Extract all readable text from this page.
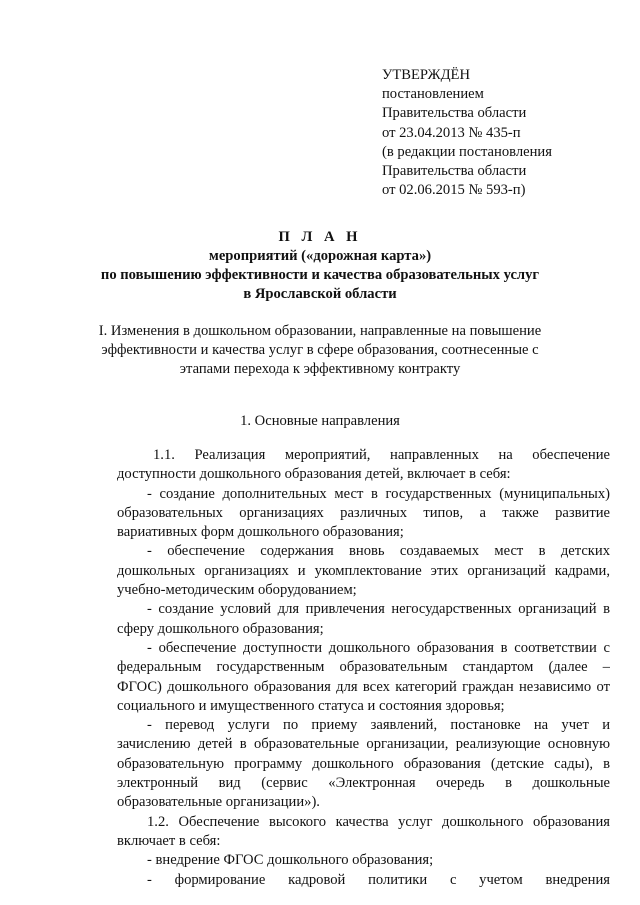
УТВЕРЖДЁН
постановлением
Правительства области
от 23.04.2013 № 435-п
(в редакции постановления
Правительства области
от 02.06.2015 № 593-п)
П Л А Н
мероприятий («дорожная карта»)
по повышению эффективности и качества образовательных услуг
в Ярославской области
I. Изменения в дошкольном образовании, направленные на повышение
эффективности и качества услуг в сфере образования, соотнесенные с
этапами перехода к эффективному контракту
1. Основные направления
1.1. Реализация мероприятий, направленных на обеспечение
доступности дошкольного образования детей, включает в себя:
- создание дополнительных мест в государственных (муниципальных)
образовательных организациях различных типов, а также развитие
вариативных форм дошкольного образования;
- обеспечение содержания вновь создаваемых мест в детских
дошкольных организациях и укомплектование этих организаций кадрами,
учебно-методическим оборудованием;
- создание условий для привлечения негосударственных организаций в
сферу дошкольного образования;
- обеспечение доступности дошкольного образования в соответствии с
федеральным государственным образовательным стандартом (далее –
ФГОС) дошкольного образования для всех категорий граждан независимо от
социального и имущественного статуса и состояния здоровья;
- перевод услуги по приему заявлений, постановке на учет и
зачислению детей в образовательные организации, реализующие основную
образовательную программу дошкольного образования (детские сады), в
электронный вид (сервис «Электронная очередь в дошкольные
образовательные организации»).
1.2. Обеспечение высокого качества услуг дошкольного образования
включает в себя:
- внедрение ФГОС дошкольного образования;
- формирование кадровой политики с учетом внедрения
